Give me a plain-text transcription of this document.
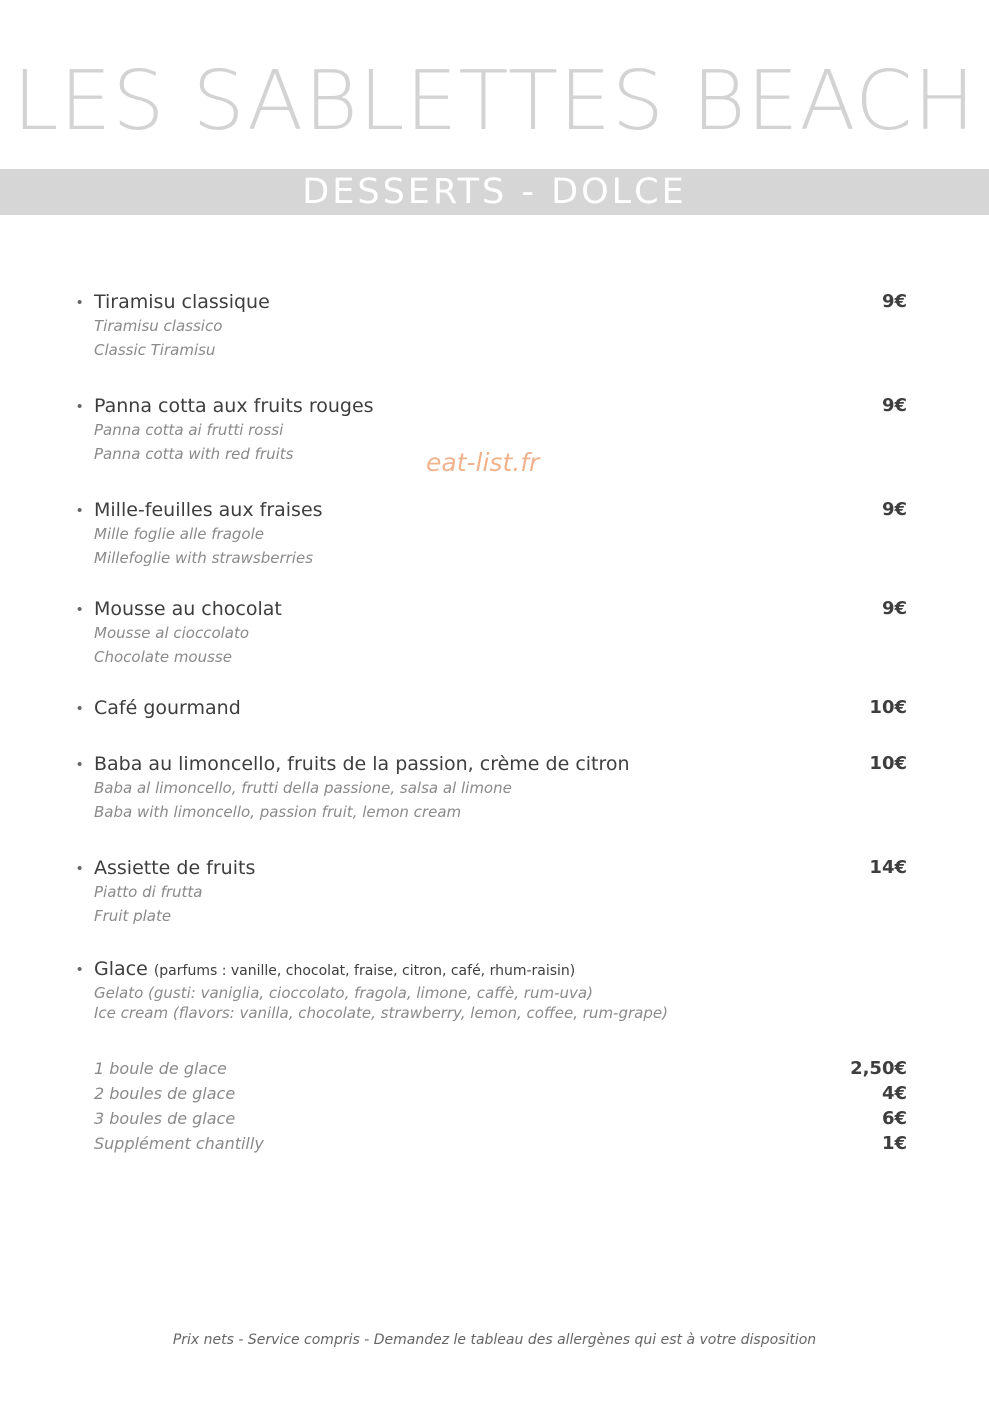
LES SABLETTES BEACH
DESSERTS - DOLCE
eat-list.fr
• Tiramisu classique	9€
Tiramisu classico
Classic Tiramisu
• Panna cotta aux fruits rouges	9€
Panna cotta ai frutti rossi
Panna cotta with red fruits
• Mille-feuilles aux fraises	9€
Mille foglie alle fragole
Millefoglie with strawsberries
• Mousse au chocolat	9€
Mousse al cioccolato
Chocolate mousse
• Café gourmand	10€
• Baba au limoncello, fruits de la passion, crème de citron	10€
Baba al limoncello, frutti della passione, salsa al limone
Baba with limoncello, passion fruit, lemon cream
• Assiette de fruits	14€
Piatto di frutta
Fruit plate
• Glace (parfums : vanille, chocolat, fraise, citron, café, rhum-raisin)
Gelato (gusti: vaniglia, cioccolato, fragola, limone, caffè, rum-uva)
Ice cream (flavors: vanilla, chocolate, strawberry, lemon, coffee, rum-grape)
1 boule de glace	2,50€
2 boules de glace	4€
3 boules de glace	6€
Supplément chantilly	1€
Prix nets - Service compris - Demandez le tableau des allergènes qui est à votre disposition
